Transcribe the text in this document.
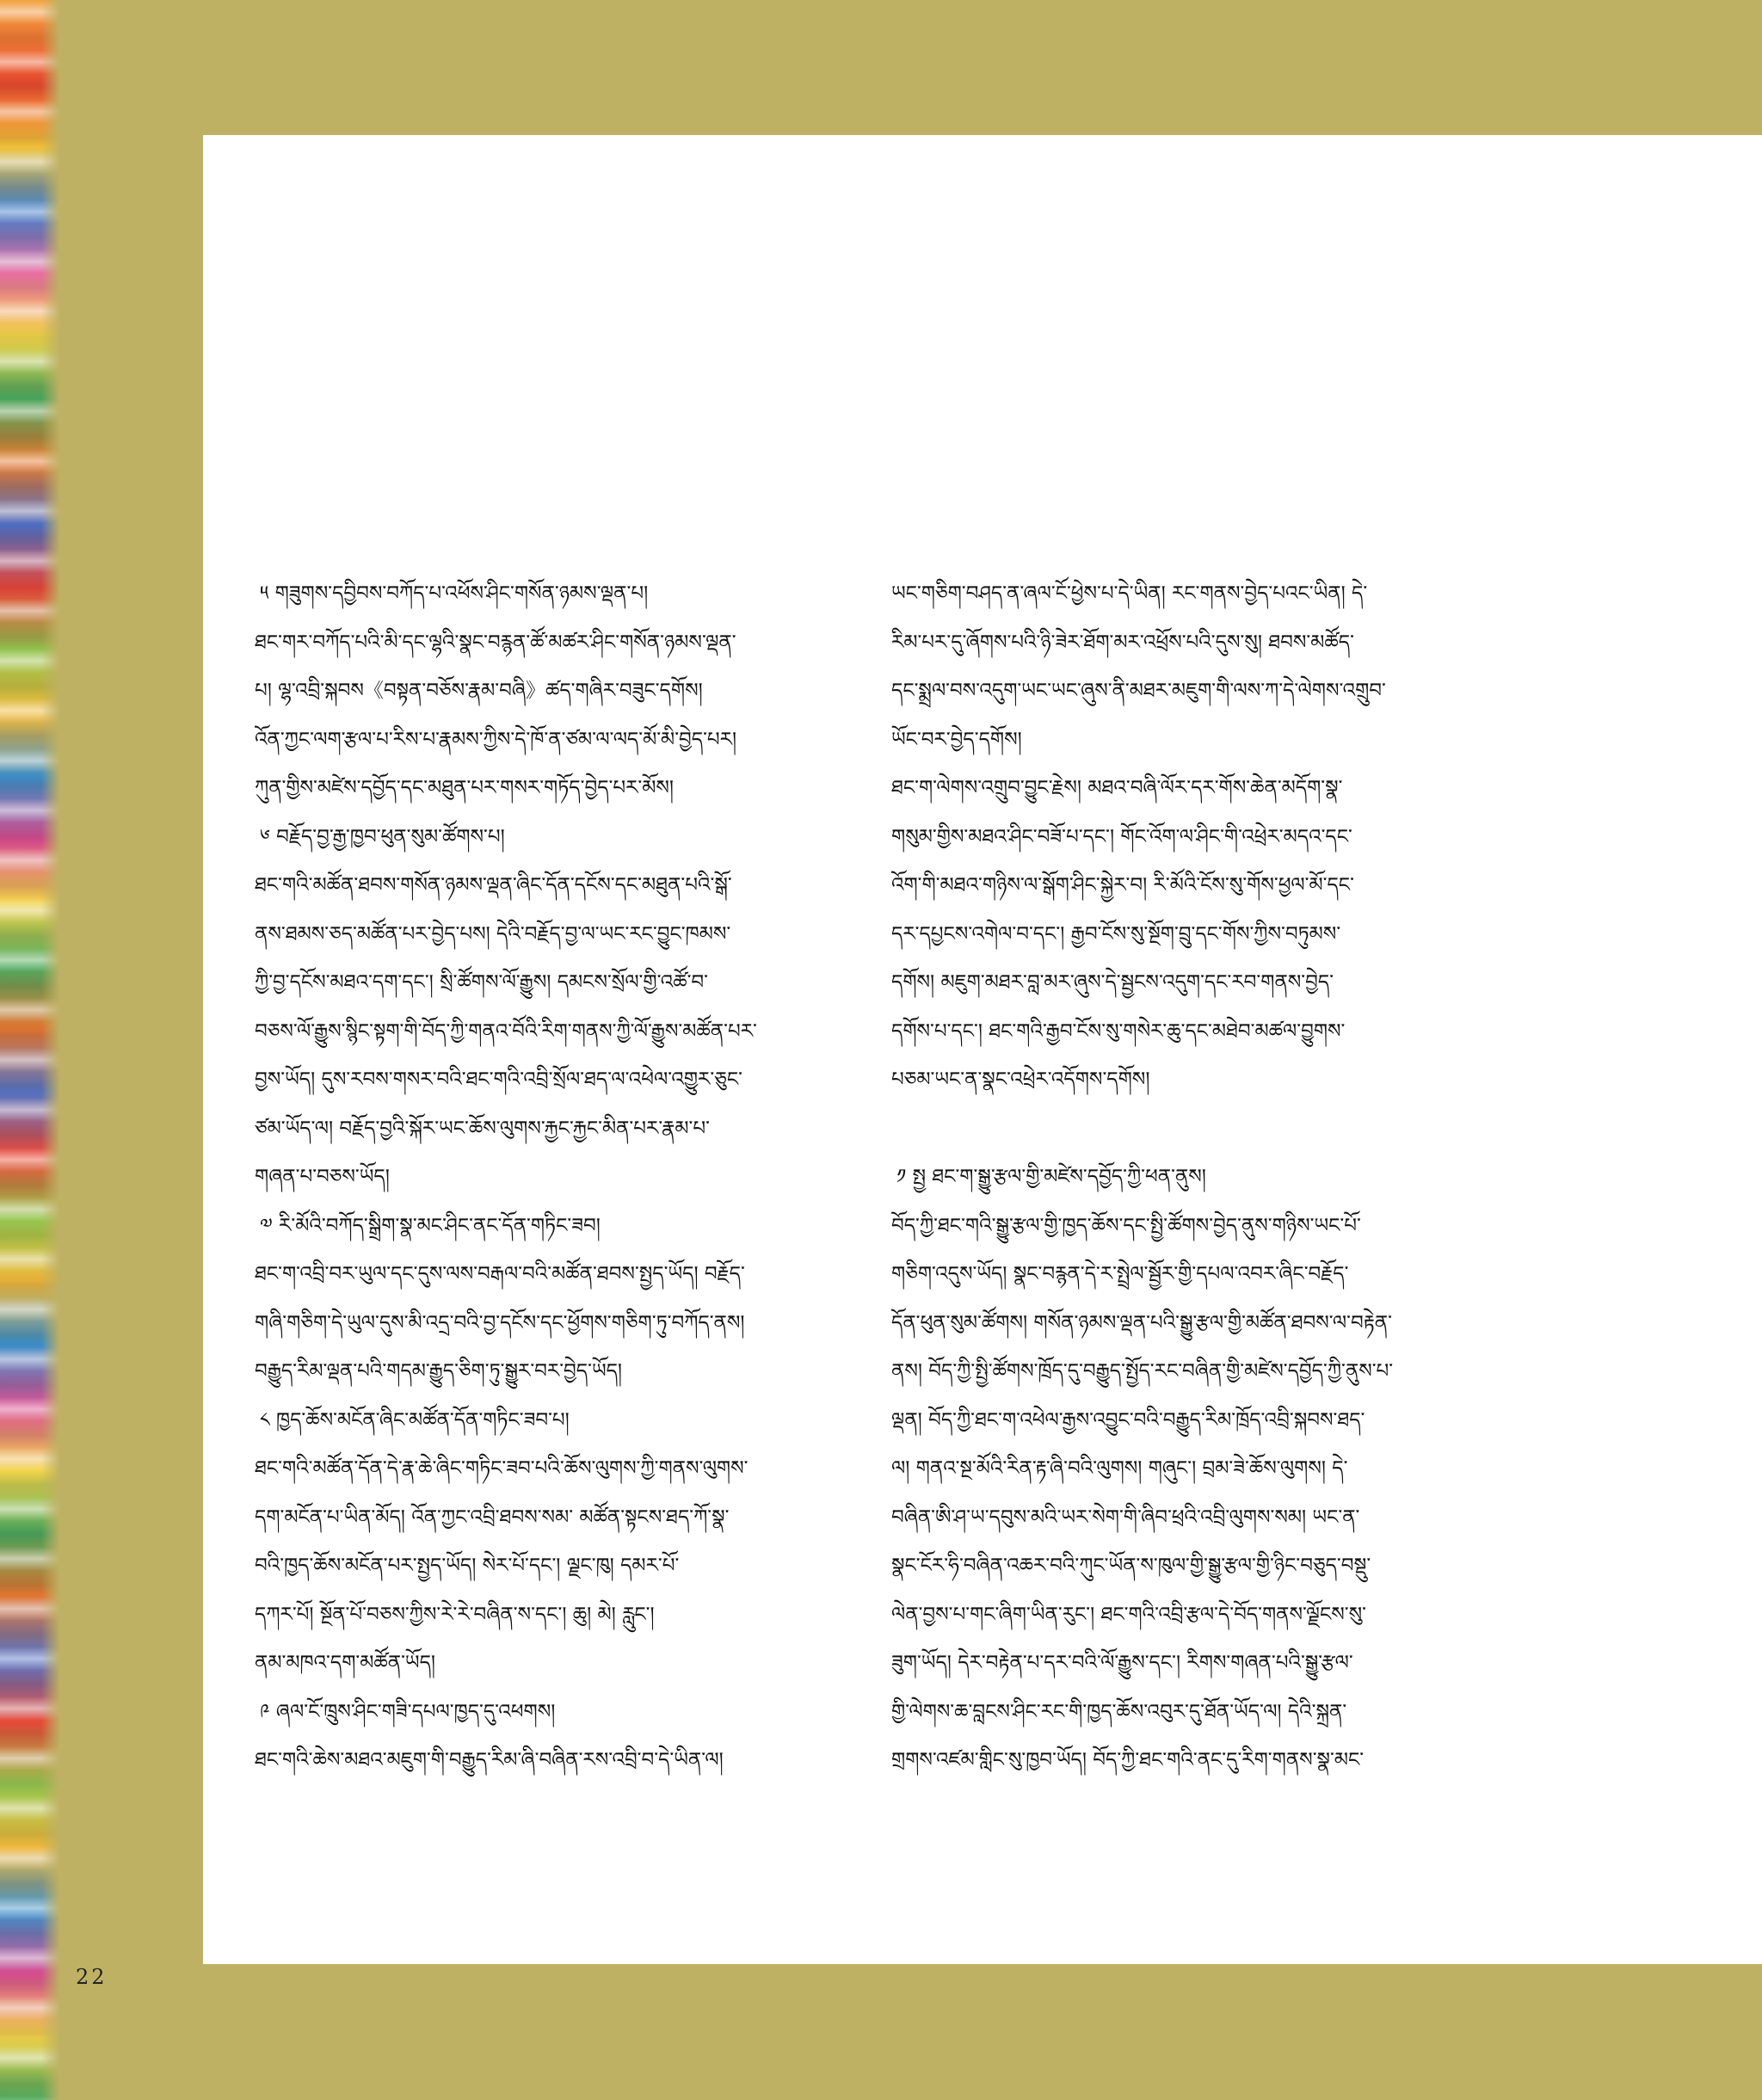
22
༥ གཟུགས་དབྱིབས་བཀོད་པ་འཕོས་ཤིང་གསོན་ཉམས་ལྡན་པ།
ཐང་གར་བཀོད་པའི་མི་དང་ལྷའི་སྣང་བརྙན་ཚོ་མཚར་ཤིང་གསོན་ཉམས་ལྡན་
པ། ལྷ་འབྲི་སྐབས《བསྟན་བཅོས་རྣམ་བཞི》ཚད་གཞིར་བཟུང་དགོས།
འོན་ཀྱང་ལག་རྩལ་པ་རིས་པ་རྣམས་ཀྱིས་དེ་ཁོ་ན་ཙམ་ལ་ལད་མོ་མི་བྱེད་པར།
ཀུན་གྱིས་མཛེས་དབྱོད་དང་མཐུན་པར་གསར་གཏོད་བྱེད་པར་མོས།
༦ བརྗོད་བྱ་རྒྱ་ཁྱབ་ཕུན་སུམ་ཚོགས་པ།
ཐང་གའི་མཚོན་ཐབས་གསོན་ཉམས་ལྡན་ཞིང་དོན་དངོས་དང་མཐུན་པའི་སྒོ་
ནས་ཐམས་ཅད་མཚོན་པར་བྱེད་པས། དེའི་བརྗོད་བྱ་ལ་ཡང་རང་བྱུང་ཁམས་
ཀྱི་བྱ་དངོས་མཐའ་དག་དང་། སྲི་ཚོགས་ལོ་རྒྱུས། དམངས་སྲོལ་གྱི་འཚོ་བ་
བཅས་ལོ་རྒྱུས་སྙིང་སྟག་གི་བོད་ཀྱི་གནའ་བོའི་རིག་གནས་ཀྱི་ལོ་རྒྱུས་མཚོན་པར་
བྱས་ཡོད། དུས་རབས་གསར་བའི་ཐང་གའི་འབྲི་སྲོལ་ཐད་ལ་འཕེལ་འགྱུར་ཅུང་
ཙམ་ཡོད་ལ། བརྗོད་བྱའི་སྐོར་ཡང་ཆོས་ལུགས་རྐྱང་རྐྱང་མིན་པར་རྣམ་པ་
གཞན་པ་བཅས་ཡོད།
༧ རི་མོའི་བཀོད་སྒྲིག་སྣ་མང་ཤིང་ནང་དོན་གཏིང་ཟབ།
ཐང་ག་འབྲི་བར་ཡུལ་དང་དུས་ལས་བརྒལ་བའི་མཚོན་ཐབས་སྤྱད་ཡོད། བརྗོད་
གཞི་གཅིག་དེ་ཡུལ་དུས་མི་འདྲ་བའི་བྱ་དངོས་དང་ཕྱོགས་གཅིག་ཏུ་བཀོད་ནས།
བརྒྱུད་རིམ་ལྡན་པའི་གདམ་རྒྱུད་ཅིག་ཏུ་སྒྱུར་བར་བྱེད་ཡོད།
༨ ཁྱད་ཆོས་མངོན་ཞིང་མཚོན་དོན་གཏིང་ཟབ་པ།
ཐང་གའི་མཚོན་དོན་དེ་རྣ་ཆེ་ཞིང་གཏིང་ཟབ་པའི་ཆོས་ལུགས་ཀྱི་གནས་ལུགས་
དག་མངོན་པ་ཡིན་མོད། འོན་ཀྱང་འབྲི་ཐབས་སམ་ མཚོན་སྟངས་ཐད་ཀོ་སྣ་
བའི་ཁྱད་ཆོས་མངོན་པར་སྤྱད་ཡོད། སེར་པོ་དང་། ལྗང་ཁུ། དམར་པོ་
དཀར་པོ། སྔོན་པོ་བཅས་ཀྱིས་རེ་རེ་བཞིན་ས་དང་། ཆུ། མེ། རླུང་།
ནམ་མཁའ་དག་མཚོན་ཡོད།
༩ ཞལ་ངོ་ཁྲུས་ཤིང་གཟི་དཔལ་ཁྱད་དུ་འཕགས།
ཐང་གའི་ཆེས་མཐའ་མཇུག་གི་བརྒྱུད་རིམ་ཞི་བཞིན་རས་འབྲི་བ་དེ་ཡིན་ལ།
ཡང་གཅིག་བཤད་ན་ཞལ་ངོ་ཕྱེས་པ་དེ་ཡིན། རང་གནས་བྱེད་པའང་ཡིན། དེ་
རིམ་པར་དུ་ཞོགས་པའི་ཉི་ཟེར་ཐོག་མར་འཕྲོས་པའི་དུས་སུ། ཐབས་མཚོད་
དང་སྨྲལ་བས་འདུག་ཡང་ཡང་ཞུས་ནི་མཐར་མཇུག་གི་ལས་ཀ་དེ་ལེགས་འགྲུབ་
ཡོང་བར་བྱེད་དགོས།
ཐང་ག་ལེགས་འགྲུབ་བྱུང་རྗེས། མཐའ་བཞི་ལོར་དར་གོས་ཆེན་མདོག་སྣ་
གསུམ་གྱིས་མཐའ་ཤིང་བཟོ་པ་དང་། གོང་འོག་ལ་ཤིང་གི་འཕྲེར་མདའ་དང་
འོག་གི་མཐའ་གཉིས་ལ་སྒོག་ཤིང་སྐྱེར་བ། རི་མོའི་ངོས་སུ་གོས་ཕྱལ་མོ་དང་
དར་དཔྱངས་འགེལ་བ་དང་། རྒྱབ་ངོས་སུ་སྔོག་བྲུ་དང་གོས་ཀྱིས་བཏུམས་
དགོས། མཇུག་མཐར་བླ་མར་ཞུས་དེ་སྦྱངས་འདུག་དང་རབ་གནས་བྱེད་
དགོས་པ་དང་། ཐང་གའི་རྒྱབ་ངོས་སུ་གསེར་ཆུ་དང་མཐེབ་མཚལ་བྱུགས་
པཅམ་ཡང་ན་སྣང་འཕྲེར་འདོགས་དགོས།
༡ སྤྱ ཐང་ག་སྒྱུ་རྩལ་གྱི་མཛེས་དབྱོད་ཀྱི་ཕན་ནུས།
བོད་ཀྱི་ཐང་གའི་སྒྱུ་རྩལ་གྱི་ཁྱད་ཆོས་དང་སྤྱི་ཚོགས་བྱེད་ནུས་གཉིས་ཡང་པོ་
གཅིག་འདུས་ཡོད། སྣང་བརྙན་དེ་ར་སྤྲེལ་སྦྱོར་གྱི་དཔལ་འབར་ཞིང་བརྗོད་
དོན་ཕུན་སུམ་ཚོགས། གསོན་ཉམས་ལྡན་པའི་སྒྱུ་རྩལ་གྱི་མཚོན་ཐབས་ལ་བརྟེན་
ནས། བོད་ཀྱི་སྤྱི་ཚོགས་ཁྲོད་དུ་བརྒྱུད་སྤྱོད་རང་བཞིན་གྱི་མཛེས་དབྱོད་ཀྱི་ནུས་པ་
ལྡན། བོད་ཀྱི་ཐང་ག་འཕེལ་རྒྱས་འབྱུང་བའི་བརྒྱུད་རིམ་ཁྲོད་འབྲི་སྐབས་ཐད་
ལ། གནའ་སྔ་མོའི་རིན་རྟ་ཞི་བའི་ལུགས། གཞུང་། བྲམ་ཟེ་ཆོས་ལུགས། དེ་
བཞིན་ཨི་ཤ་ཡ་དབུས་མའི་ཡར་སེག་གི་ཞིབ་ཕྲའི་འབྲི་ལུགས་སམ། ཡང་ན་
སྣང་ངོར་ཧི་བཞིན་འཆར་བའི་ཀུང་ཡོན་ས་ཁུལ་གྱི་སྒྱུ་རྩལ་གྱི་ཉིང་བཅུད་བསྡུ་
ལེན་བྱས་པ་གང་ཞིག་ཡིན་རུང་། ཐང་གའི་འབྲི་རྩལ་དེ་བོད་གནས་ལྗོངས་སུ་
ཟུག་ཡོད། དེར་བརྟེན་པ་དར་བའི་ལོ་རྒྱུས་དང་། རིགས་གཞན་པའི་སྒྱུ་རྩལ་
གྱི་ལེགས་ཆ་བླངས་ཤིང་རང་གི་ཁྱད་ཆོས་འབུར་དུ་ཐོན་ཡོད་ལ། དེའི་སྐྲན་
གྲགས་འཛམ་གླིང་སུ་ཁྱབ་ཡོད། བོད་ཀྱི་ཐང་གའི་ནང་དུ་རིག་གནས་སྣ་མང་
